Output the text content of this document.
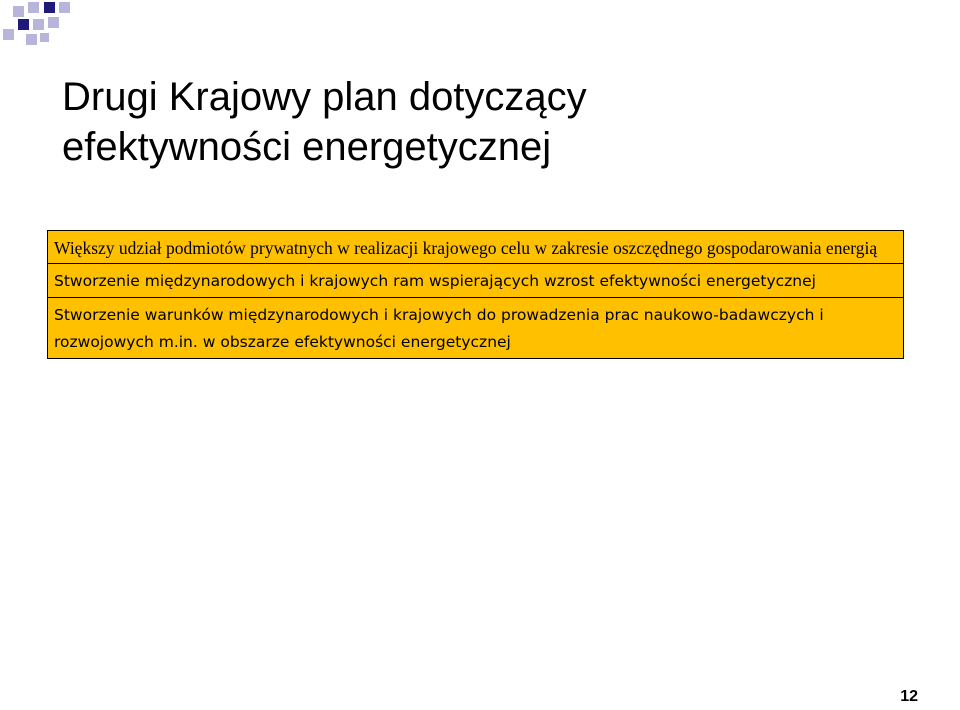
Drugi Krajowy plan dotyczący
efektywności energetycznej
Większy udział podmiotów prywatnych w realizacji krajowego celu w zakresie oszczędnego gospodarowania energią
Stworzenie międzynarodowych i krajowych ram wspierających wzrost efektywności energetycznej
Stworzenie warunków międzynarodowych i krajowych do prowadzenia prac naukowo-badawczych i rozwojowych m.in. w obszarze efektywności energetycznej
12
